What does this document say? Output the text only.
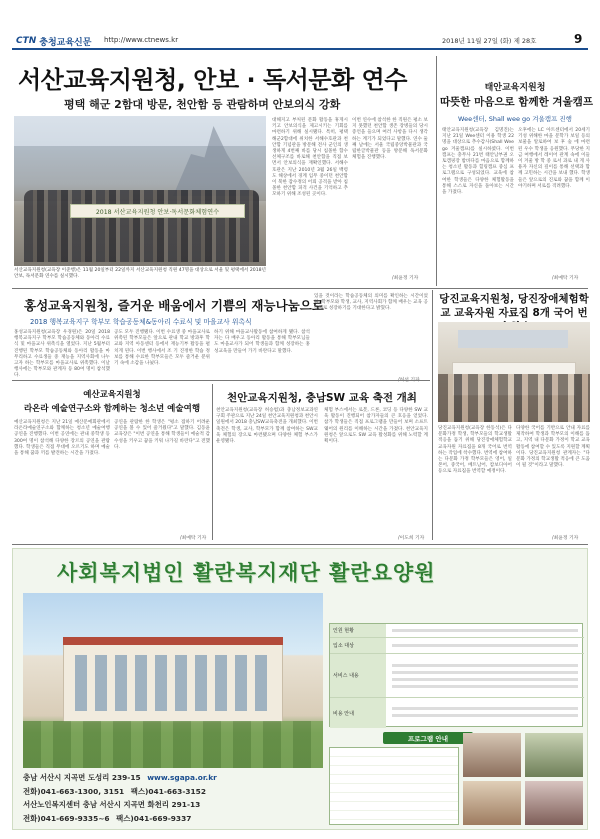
CTN 충청교육신문 http://www.ctnews.kr	2018년 11월 27일 (화) 제 28호	9
서산교육지원청, 안보 · 독서문화 연수
평택 해군 2함대 방문, 천안함 등 관람하며 안보의식 강화
2018 서산교육지원청 안보·독서문화체험연수
서산교육지원청(교육장 이준행)은 11월 20일부터 22일까지 서산교육지원청 직원 47명을 대상으로 서울 및 평택에서 2018년 안보, 독서문화 연수를 실시했다.
대해지고 부처된 문화 활동을 휴게시키고 안보의식을 제고시키는 기회를 마련하기 위해 실시됐다. 특히, 평택 해군2함대에 위치한 서해수호관과 천안함 기념관을 방문해 전사 군인의 생생하게 4번째 바를 당시 침몰한 함수선체구조를 바로해 천안함을 직접 보면서 안보의식을 재확인했다. 서해수호관은 지난 2010년 3월 26일 백령도 해상에서 경계 임무 중이던 천안함이 북한 잠수정의 어뢰 공격을 받아 침몰한 천안함 피격 사건을 기억하고 추모하기 위해 조성된 곳이다.
이번 연수에 참석한 한 직원은 평소 보지 못했던 천안함 생존 장병들의 당시 증언을 들으며 여러 사항을 다시 생각하는 계기가 되었다고 말했다. 연수 둘째 날에는 서울 국립중앙박물관과 국립한글박물관 등을 방문해 독서문화 체험을 진행했다.
/최윤정 기자
태안교육지원청
따뜻한 마음으로 함께한 겨울캠프
Wee센터, Shall wee go 겨울캠프 진행
태안교육지원청(교육장 김명진)는 지난 21일 Wee센터 이용 학생 22명을 대상으로 추수감사(Shall Wee go 겨울캠프)를 실시하였다. 이번 캠프는 충무사 21번 태안남부권 오토캠핑장 밤바다를 마음으로 함께하는 청소년 활동과 힐링캠프 중심 프로그램으로 구성되었다. 교육에 참여한 학생들은 다양한 체험활동을 통해 스스로 자신을 돌아보는 시간을 가졌다.
오후에는 LC 아트센터에서 20세기 기성 위해한 마을 문학가 보일 등의 보물을 알로하여 보 후 숲 에 마련 된 우수 학생을 응원했다. 무당한 지금 여행에서 레이어 관계 속에 이들이 겨울 방 학 중 로서 과로 내 게 사용자 자신의 깊이를 통해 선택과 함께 고민하는 시간을 보내 했다. 학생들은 앞으로의 진로와 꿈을 함께 이야기하며 서로를 격려했다.
/최예탁 기자
홍성교육지원청, 즐거운 배움에서 기쁨의 재능나눔으로
2018 행복교육지구 학부모 학습공동체&동아리 수료식 및 마을교사 위촉식
홍성교육지원청(교육장 우경원)은 20일 2018 행복교육지구 학부모 학습공동체와 동아리 수료식 및 마을교사 위촉식을 열었다. 지난 5월부터 진행된 학부모 학습공동체와 동아리 활동을 마무리하고 수료생들 중 재능을 지역사회에 나누고자 하는 학부모를 마을교사로 위촉했다. 이날 행사에는 학부모와 관계자 등 80여 명이 참석했다.
공도 모두 진행됐다. 이번 수료생 중 마을교사로 위촉된 학부모들은 앞으로 관내 학교 방과후 학교와 지역 아동센터 등에서 재능기부 활동을 펼치게 된다. 이번 행사에서 조 기 진정한 학습 정보를 통해 수료한 학부모들은 모두 즐거운 분위기 속에 소감을 나눴다.
하기 위해 마을교사활동에 참여하게 됐다. 참석자는 다 배우고 동아리 활동을 통해 학부모님들도 마을교사가 되어 학생들과 함께 성장하는 홍성교육을 만들어 가기 바란다고 말했다.
있을 것이라는 학습공동체의 의미를 확인하는 시간이었다. 학부모와 학생, 교사, 지역사회가 함께 배우는 교육 공동체로 성장하기를 기대한다고 밝혔다.
당진교육지원청, 당진장애체험학교 교육자원 자료집 8개 국어 번
당진교육지원청(교육장 한동석)은 다문화가정 학생, 학부모들의 학교생활 적응을 돕기 위해 당진장애체험학교 교육자원 자료집을 8개 국어로 번역하는 작업에 착수했다. 번역에 참여하는 다문화 가정 학부모들은 영어, 일본어, 중국어, 베트남어, 캄보디아어 등으로 자료집을 번역할 예정이다.
다양한 국어를 기반으로 안내 자료를 제작하여 학생과 학부모의 이해를 돕고, 지역 내 다문화 가정이 학교 교육활동에 참여할 수 있도록 지원할 계획이다. 당진교육지원청 관계자는 "다문화 가정의 학교생활 적응에 큰 도움이 될 것"이라고 말했다.
예산교육지원청
라온라 예술연구소와 함께하는 청소년 예술여행
예산교육지원청은 지난 21일 예산문예회관에서 라온라예술연구소와 함께하는 청소년 예술여행 공연을 진행했다. 이번 공연에는 관내 중학생 등 300여 명이 참석해 다양한 장르의 공연을 관람했다. 학생들은 직접 무대에 오르기도 하며 예술을 통해 꿈과 끼를 발견하는 시간을 가졌다.
공연을 관람한 한 학생은 "평소 접하기 어려운 공연을 볼 수 있어 즐거웠다"고 말했다. 김동윤 교육장은 "이번 공연을 통해 학생들이 예술적 감수성을 키우고 꿈을 키워 나가길 바란다"고 전했다.
/최예탁 기자
천안교육지원청, 충남SW 교육 축전 개최
천안교육지원청(교육장 허승범)과 충남정보교과연구회 주관으로 지난 24일 천안교육지원청과 천안시 일원에서 2018 충남SW교육축전을 개최했다. 이번 축전은 학생, 교사, 학부모가 함께 참여하는 SW교육 체험의 장으로 마련됐으며 다양한 체험 부스가 운영됐다.
체험 부스에서는 로봇, 드론, 코딩 등 다양한 SW 교육 활동이 진행되어 참가자들의 큰 호응을 얻었다. 참가 학생들은 직접 프로그램을 만들어 보며 소프트웨어의 원리를 이해하는 시간을 가졌다. 천안교육지원청은 앞으로도 SW 교육 활성화를 위해 노력할 계획이다.
/이도희 기자	/최윤정 기자
사회복지법인 활란복지재단 활란요양원
인원 현황
입소 대상
서비스 내용
비용 안내
프로그램 안내
충남 서산시 지곡면 도성리 239-15 www.sgapa.or.kr
전화)041-663-1300, 3151 팩스)041-663-3152
서산노인복지센터 충남 서산시 지곡면 화천리 291-13
전화)041-669-9335~6 팩스)041-669-9337
